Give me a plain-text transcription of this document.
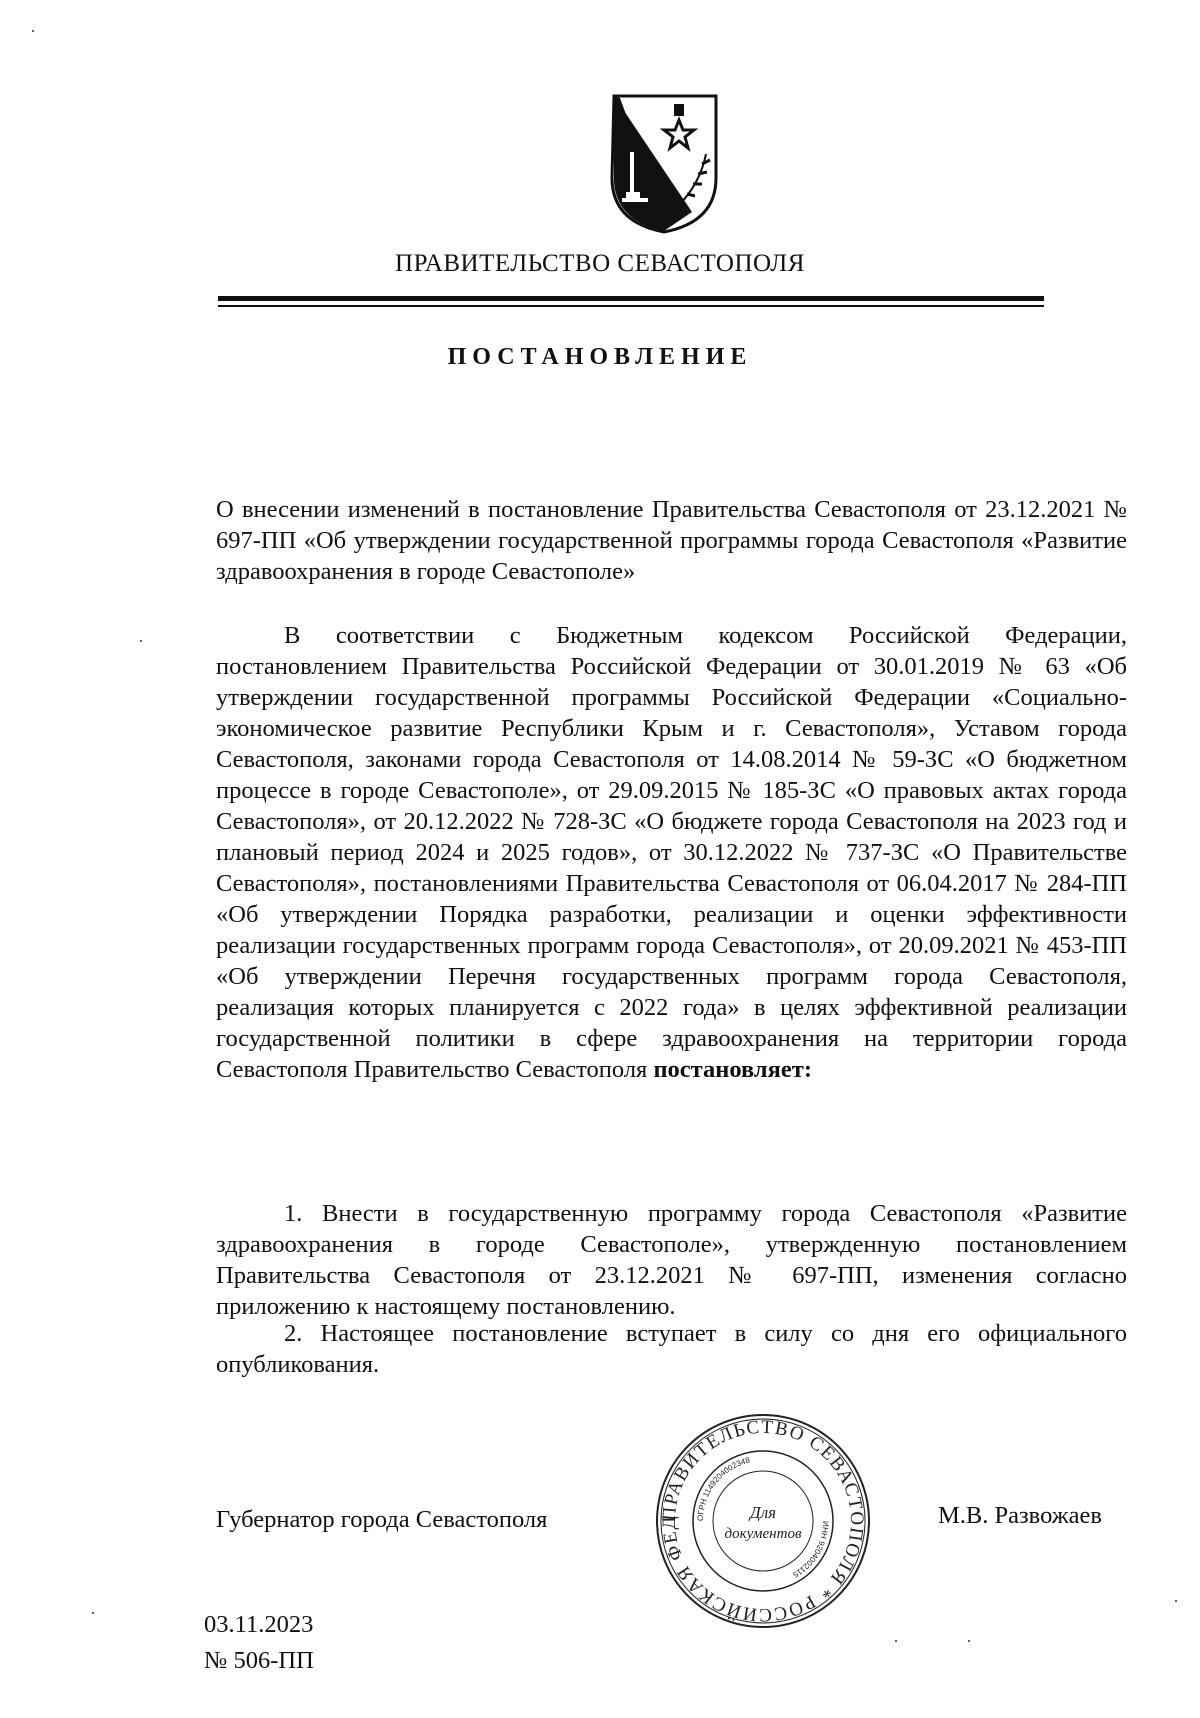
ПРАВИТЕЛЬСТВО СЕВАСТОПОЛЯ
ПОСТАНОВЛЕНИЕ
О внесении изменений в постановление Правительства Севастополя от 23.12.2021 № 697-ПП «Об утверждении государственной программы города Севастополя «Развитие здравоохранения в городе Севастополе»
В соответствии с Бюджетным кодексом Российской Федерации, постановлением Правительства Российской Федерации от 30.01.2019 № 63 «Об утверждении государственной программы Российской Федерации «Социально-экономическое развитие Республики Крым и г. Севастополя», Уставом города Севастополя, законами города Севастополя от 14.08.2014 № 59-ЗС «О бюджетном процессе в городе Севастополе», от 29.09.2015 № 185-ЗС «О правовых актах города Севастополя», от 20.12.2022 № 728-ЗС «О бюджете города Севастополя на 2023 год и плановый период 2024 и 2025 годов», от 30.12.2022 № 737-ЗС «О Правительстве Севастополя», постановлениями Правительства Севастополя от 06.04.2017 № 284-ПП «Об утверждении Порядка разработки, реализации и оценки эффективности реализации государственных программ города Севастополя», от 20.09.2021 № 453-ПП «Об утверждении Перечня государственных программ города Севастополя, реализация которых планируется с 2022 года» в целях эффективной реализации государственной политики в сфере здравоохранения на территории города Севастополя Правительство Севастополя постановляет:
1. Внести в государственную программу города Севастополя «Развитие здравоохранения в городе Севастополе», утвержденную постановлением Правительства Севастополя от 23.12.2021 № 697-ПП, изменения согласно приложению к настоящему постановлению.
2. Настоящее постановление вступает в силу со дня его официального опубликования.
Губернатор города Севастополя	М.В. Развожаев
ПРАВИТЕЛЬСТВО СЕВАСТОПОЛЯ * РОССИЙСКАЯ ФЕД	ОГРН 1149204002348
ИНН 9204002115
Для
документов
03.11.2023
№ 506-ПП
